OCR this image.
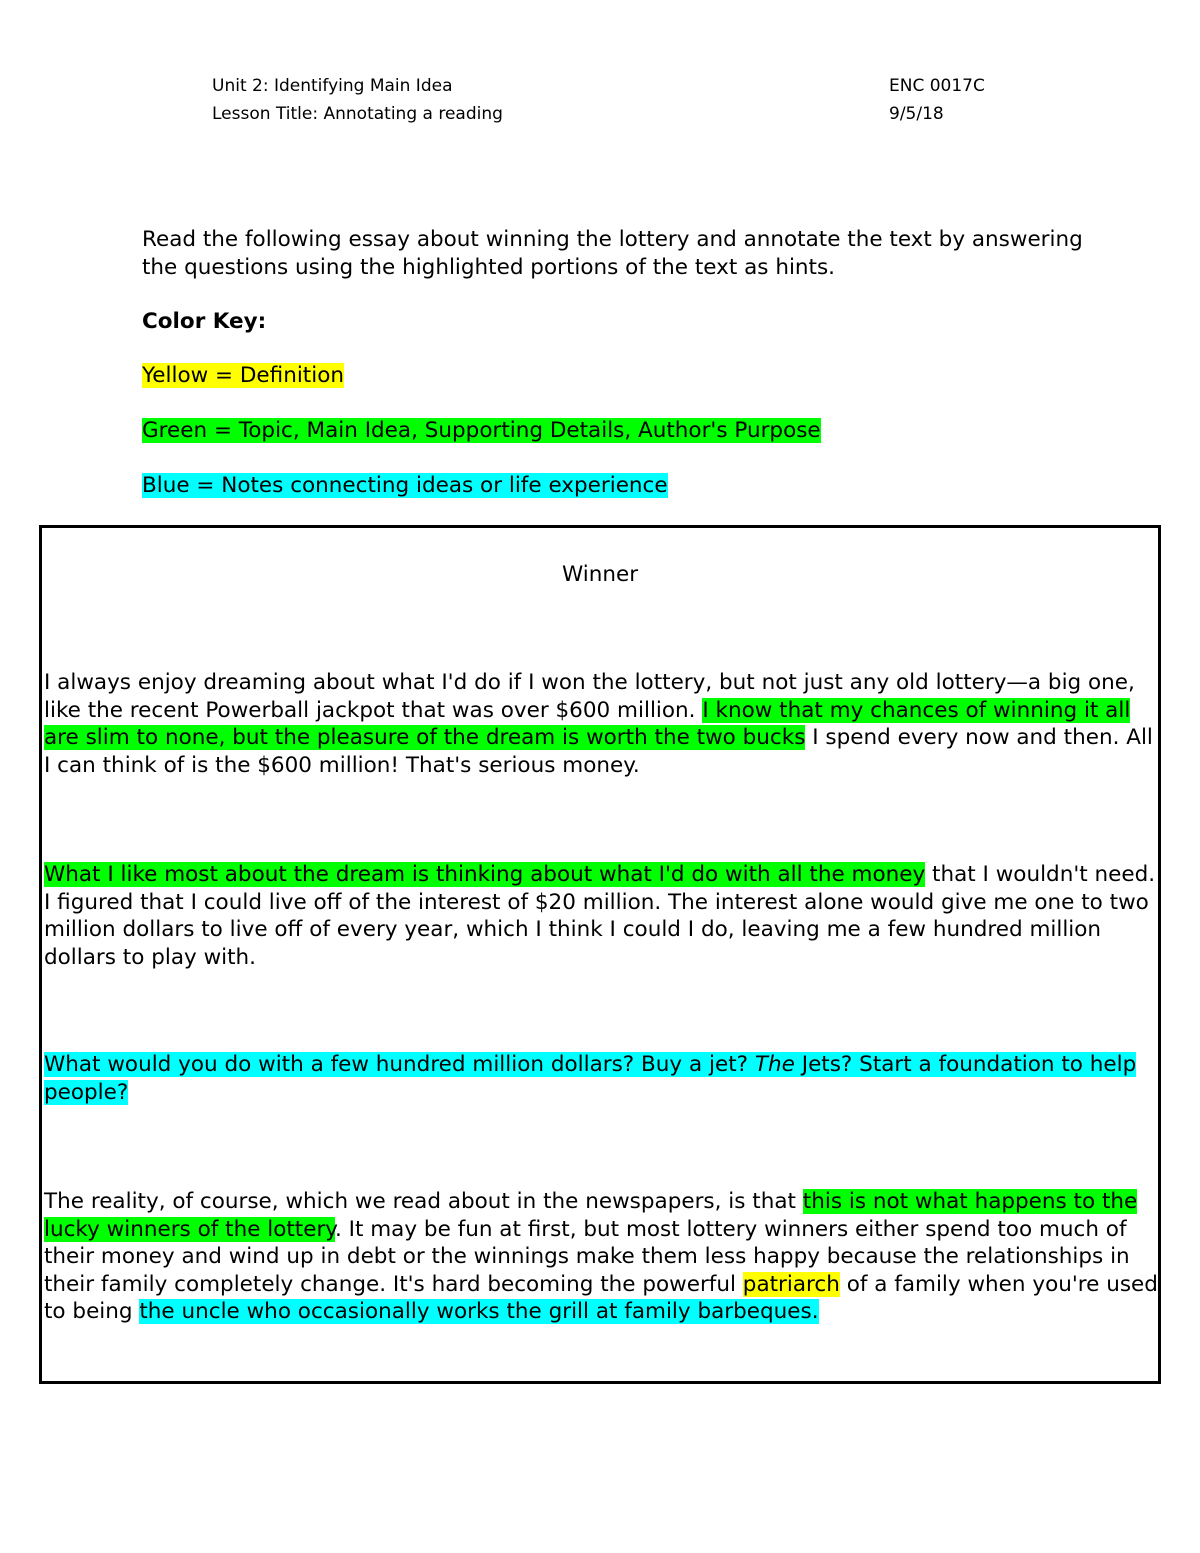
Unit 2: Identifying Main Idea
Lesson Title: Annotating a reading
ENC 0017C
9/5/18
Read the following essay about winning the lottery and annotate the text by answering the questions using the highlighted portions of the text as hints.
Color Key:
Yellow = Definition
Green = Topic, Main Idea, Supporting Details, Author's Purpose
Blue = Notes connecting ideas or life experience
Winner
I always enjoy dreaming about what I'd do if I won the lottery, but not just any old lottery—a big one, like the recent Powerball jackpot that was over $600 million. I know that my chances of winning it all are slim to none, but the pleasure of the dream is worth the two bucks I spend every now and then. All I can think of is the $600 million! That's serious money.
What I like most about the dream is thinking about what I'd do with all the money that I wouldn't need. I figured that I could live off of the interest of $20 million. The interest alone would give me one to two million dollars to live off of every year, which I think I could I do, leaving me a few hundred million dollars to play with.
What would you do with a few hundred million dollars? Buy a jet? The Jets? Start a foundation to help people?
The reality, of course, which we read about in the newspapers, is that this is not what happens to the lucky winners of the lottery. It may be fun at first, but most lottery winners either spend too much of their money and wind up in debt or the winnings make them less happy because the relationships in their family completely change. It's hard becoming the powerful patriarch of a family when you're used to being the uncle who occasionally works the grill at family barbeques.
